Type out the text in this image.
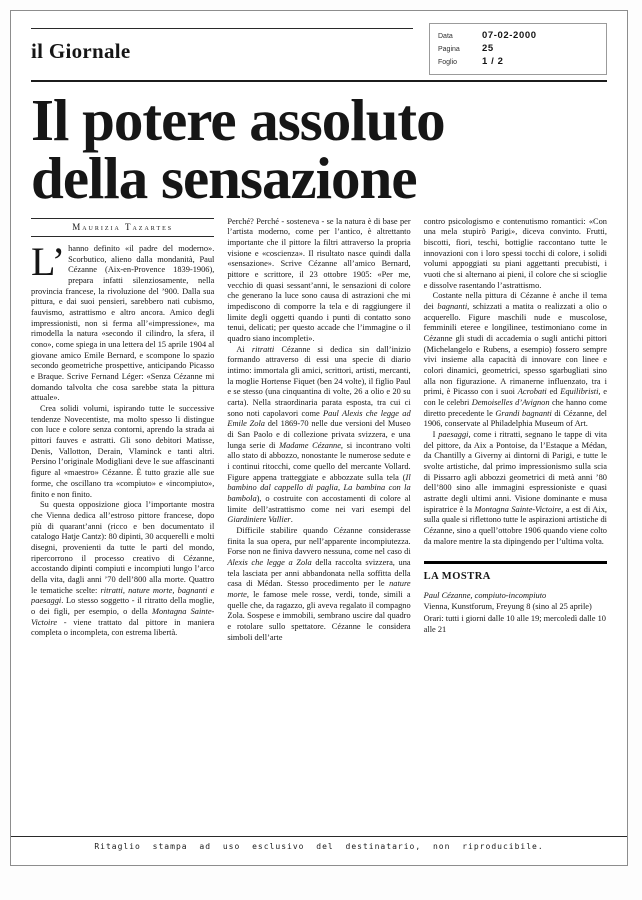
il Giornale
Data	07-02-2000
Pagina	25
Foglio	1 / 2
Il potere assoluto
della sensazione
Maurizia Tazartes

L’ hanno definito «il padre del moderno». Scorbutico, alieno dalla mondanità, Paul Cézanne (Aix-en-Provence 1839-1906), prepara infatti silenziosamente, nella provincia francese, la rivoluzione del ’900. Dalla sua pittura, e dai suoi pensieri, sarebbero nati cubismo, fauvismo, astrattismo e altro ancora. Amico degli impressionisti, non si ferma all’«impressione», ma rimodella la natura «secondo il cilindro, la sfera, il cono», come spiega in una lettera del 15 aprile 1904 al giovane amico Emile Bernard, e scompone lo spazio secondo geometriche prospettive, anticipando Picasso e Braque. Scrive Fernand Léger: «Senza Cézanne mi domando talvolta che cosa sarebbe stata la pittura attuale».

Crea solidi volumi, ispirando tutte le successive tendenze Novecentiste, ma molto spesso li distingue con luce e colore senza contorni, aprendo la strada ai pittori fauves e astratti. Gli sono debitori Matisse, Denis, Vallotton, Derain, Vlaminck e tanti altri. Persino l’originale Modigliani deve le sue affascinanti figure al «maestro» Cézanne. È tutto grazie alle sue forme, che oscillano tra «compiuto» e «incompiuto», finito e non finito.

Su questa opposizione gioca l’importante mostra che Vienna dedica all’estroso pittore francese, dopo più di quarant’anni (ricco e ben documentato il catalogo Hatje Cantz): 80 dipinti, 30 acquerelli e molti disegni, provenienti da tutte le parti del mondo, ripercorrono il processo creativo di Cézanne, accostando dipinti compiuti e incompiuti lungo l’arco della vita, dagli anni ’70 dell’800 alla morte. Quattro le tematiche scelte: ritratti, nature morte, bagnanti e paesaggi. Lo stesso soggetto - il ritratto della moglie, o dei figli, per esempio, o della Montagna Sainte-Victoire - viene trattato dal pittore in maniera completa o incompleta, con estrema libertà.

Perché? Perché - sosteneva - se la natura è di base per l’artista moderno, come per l’antico, è altrettanto importante che il pittore la filtri attraverso la propria visione e «coscienza». Il risultato nasce quindi dalla «sensazione». Scrive Cézanne all’amico Bernard, pittore e scrittore, il 23 ottobre 1905: «Per me, vecchio di quasi sessant’anni, le sensazioni di colore che generano la luce sono causa di astrazioni che mi impediscono di comporre la tela e di raggiungere il limite degli oggetti quando i punti di contatto sono tenui, delicati; per questo accade che l’immagine o il quadro siano incompleti».

Ai ritratti Cézanne si dedica sin dall’inizio formando attraverso di essi una specie di diario intimo: immortala gli amici, scrittori, artisti, mercanti, la moglie Hortense Fiquet (ben 24 volte), il figlio Paul e se stesso (una cinquantina di volte, 26 a olio e 20 su carta). Nella straordinaria parata esposta, tra cui ci sono noti capolavori come Paul Alexis che legge ad Emile Zola del 1869-70 nelle due versioni del Museo di San Paolo e di collezione privata svizzera, e una lunga serie di Madame Cézanne, si incontrano volti allo stato di abbozzo, nonostante le numerose sedute e i continui ritocchi, come quello del mercante Vollard. Figure appena tratteggiate e abbozzate sulla tela (Il bambino dal cappello di paglia, La bambina con la bambola), o costruite con accostamenti di colore al limite dell’astrattismo come nei vari esempi del Giardiniere Vallier.

Difficile stabilire quando Cézanne considerasse finita la sua opera, pur nell’apparente incompiutezza. Forse non ne finiva davvero nessuna, come nel caso di Alexis che legge a Zola della raccolta svizzera, una tela lasciata per anni abbandonata nella soffitta della casa di Médan. Stesso procedimento per le nature morte, le famose mele rosse, verdi, tonde, simili a quelle che, da ragazzo, gli aveva regalato il compagno Zola. Sospese e immobili, sembrano uscire dal quadro e rotolare sullo spettatore. Cézanne le considera simboli dell’arte

contro psicologismo e contenutismo romantici: «Con una mela stupirò Parigi», diceva convinto. Frutti, biscotti, fiori, teschi, bottiglie raccontano tutte le innovazioni con i loro spessi tocchi di colore, i solidi volumi appoggiati su piani aggettanti precubisti, i vuoti che si alternano ai pieni, il colore che si scioglie e dissolve rasentando l’astrattismo.

Costante nella pittura di Cézanne è anche il tema dei bagnanti, schizzati a matita o realizzati a olio o acquerello. Figure maschili nude e muscolose, femminili eteree e longilinee, testimoniano come in Cézanne gli studi di accademia o sugli antichi pittori (Michelangelo e Rubens, a esempio) fossero sempre vivi insieme alla capacità di innovare con linee e colori dinamici, geometrici, spesso sgarbugliati sino alla non figurazione. A rimanerne influenzato, tra i primi, è Picasso con i suoi Acrobati ed Equilibristi, e con le celebri Demoiselles d’Avignon che hanno come diretto precedente le Grandi bagnanti di Cézanne, del 1906, conservate al Philadelphia Museum of Art.

I paesaggi, come i ritratti, segnano le tappe di vita del pittore, da Aix a Pontoise, da l’Estaque a Médan, da Chantilly a Giverny ai dintorni di Parigi, e tutte le svolte artistiche, dal primo impressionismo sulla scia di Pissarro agli abbozzi geometrici di metà anni ’80 dell’800 sino alle immagini espressioniste e quasi astratte degli ultimi anni. Visione dominante e musa ispiratrice è la Montagna Sainte-Victoire, a est di Aix, sulla quale si riflettono tutte le aspirazioni artistiche di Cézanne, sino a quell’ottobre 1906 quando viene colto da malore mentre la sta dipingendo per l’ultima volta.

LA MOSTRA
Paul Cézanne, compiuto-incompiuto
Vienna, Kunstforum, Freyung 8 (sino al 25 aprile)
Orari: tutti i giorni dalle 10 alle 19; mercoledì dalle 10 alle 21
Ritaglio stampa ad uso esclusivo del destinatario, non riproducibile.
